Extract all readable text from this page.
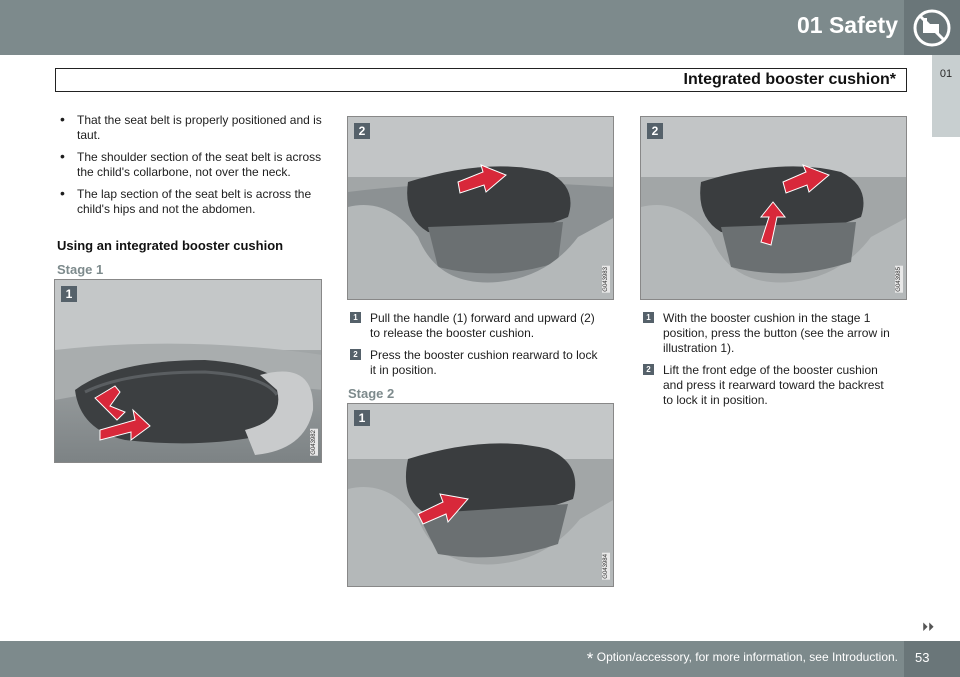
01 Safety
01
Integrated booster cushion*
• That the seat belt is properly positioned and is taut.
• The shoulder section of the seat belt is across the child's collarbone, not over the neck.
• The lap section of the seat belt is across the child's hips and not the abdomen.
Using an integrated booster cushion
Stage 1
1
G043982
2
G043983
1 Pull the handle (1) forward and upward (2) to release the booster cushion.
2 Press the booster cushion rearward to lock it in position.
Stage 2
1
G043984
2
G043985
1 With the booster cushion in the stage 1 position, press the button (see the arrow in illustration 1).
2 Lift the front edge of the booster cushion and press it rearward toward the backrest to lock it in position.
⏵⏵
* Option/accessory, for more information, see Introduction. 53
